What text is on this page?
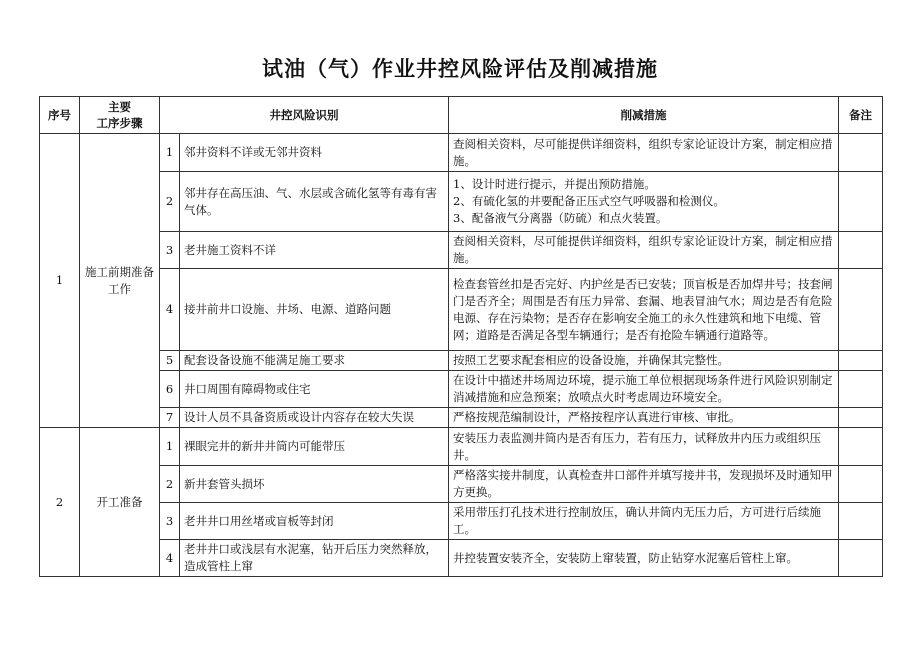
试油（气）作业井控风险评估及削减措施
序号	主要
工序步骤	井控风险识别		削减措施	备注
1	施工前期准备工作	1	邻井资料不详或无邻井资料	查阅相关资料，尽可能提供详细资料，组织专家论证设计方案，制定相应措施。	
		2	邻井存在高压油、气、水层或含硫化氢等有毒有害气体。	1、设计时进行提示，并提出预防措施。
2、有硫化氢的井要配备正压式空气呼吸器和检测仪。
3、配备液气分离器（防硫）和点火装置。	
		3	老井施工资料不详	查阅相关资料，尽可能提供详细资料，组织专家论证设计方案，制定相应措施。	
		4	接井前井口设施、井场、电源、道路问题	检查套管丝扣是否完好、内护丝是否已安装；顶盲板是否加焊井号；技套闸门是否齐全；周围是否有压力异常、套漏、地表冒油气水；周边是否有危险电源、存在污染物；是否存在影响安全施工的永久性建筑和地下电缆、管网；道路是否满足各型车辆通行；是否有抢险车辆通行道路等。	
		5	配套设备设施不能满足施工要求	按照工艺要求配套相应的设备设施，并确保其完整性。	
		6	井口周围有障碍物或住宅	在设计中描述井场周边环境，提示施工单位根据现场条件进行风险识别制定消减措施和应急预案；放喷点火时考虑周边环境安全。	
		7	设计人员不具备资质或设计内容存在较大失误	严格按规范编制设计，严格按程序认真进行审核、审批。	
2	开工准备	1	裸眼完井的新井井筒内可能带压	安装压力表监测井筒内是否有压力，若有压力，试释放井内压力或组织压井。	
		2	新井套管头损坏	严格落实接井制度，认真检查井口部件并填写接井书，发现损坏及时通知甲方更换。	
		3	老井井口用丝堵或盲板等封闭	采用带压打孔技术进行控制放压，确认井筒内无压力后，方可进行后续施工。	
		4	老井井口或浅层有水泥塞，钻开后压力突然释放，造成管柱上窜	井控装置安装齐全，安装防上窜装置，防止钻穿水泥塞后管柱上窜。	
